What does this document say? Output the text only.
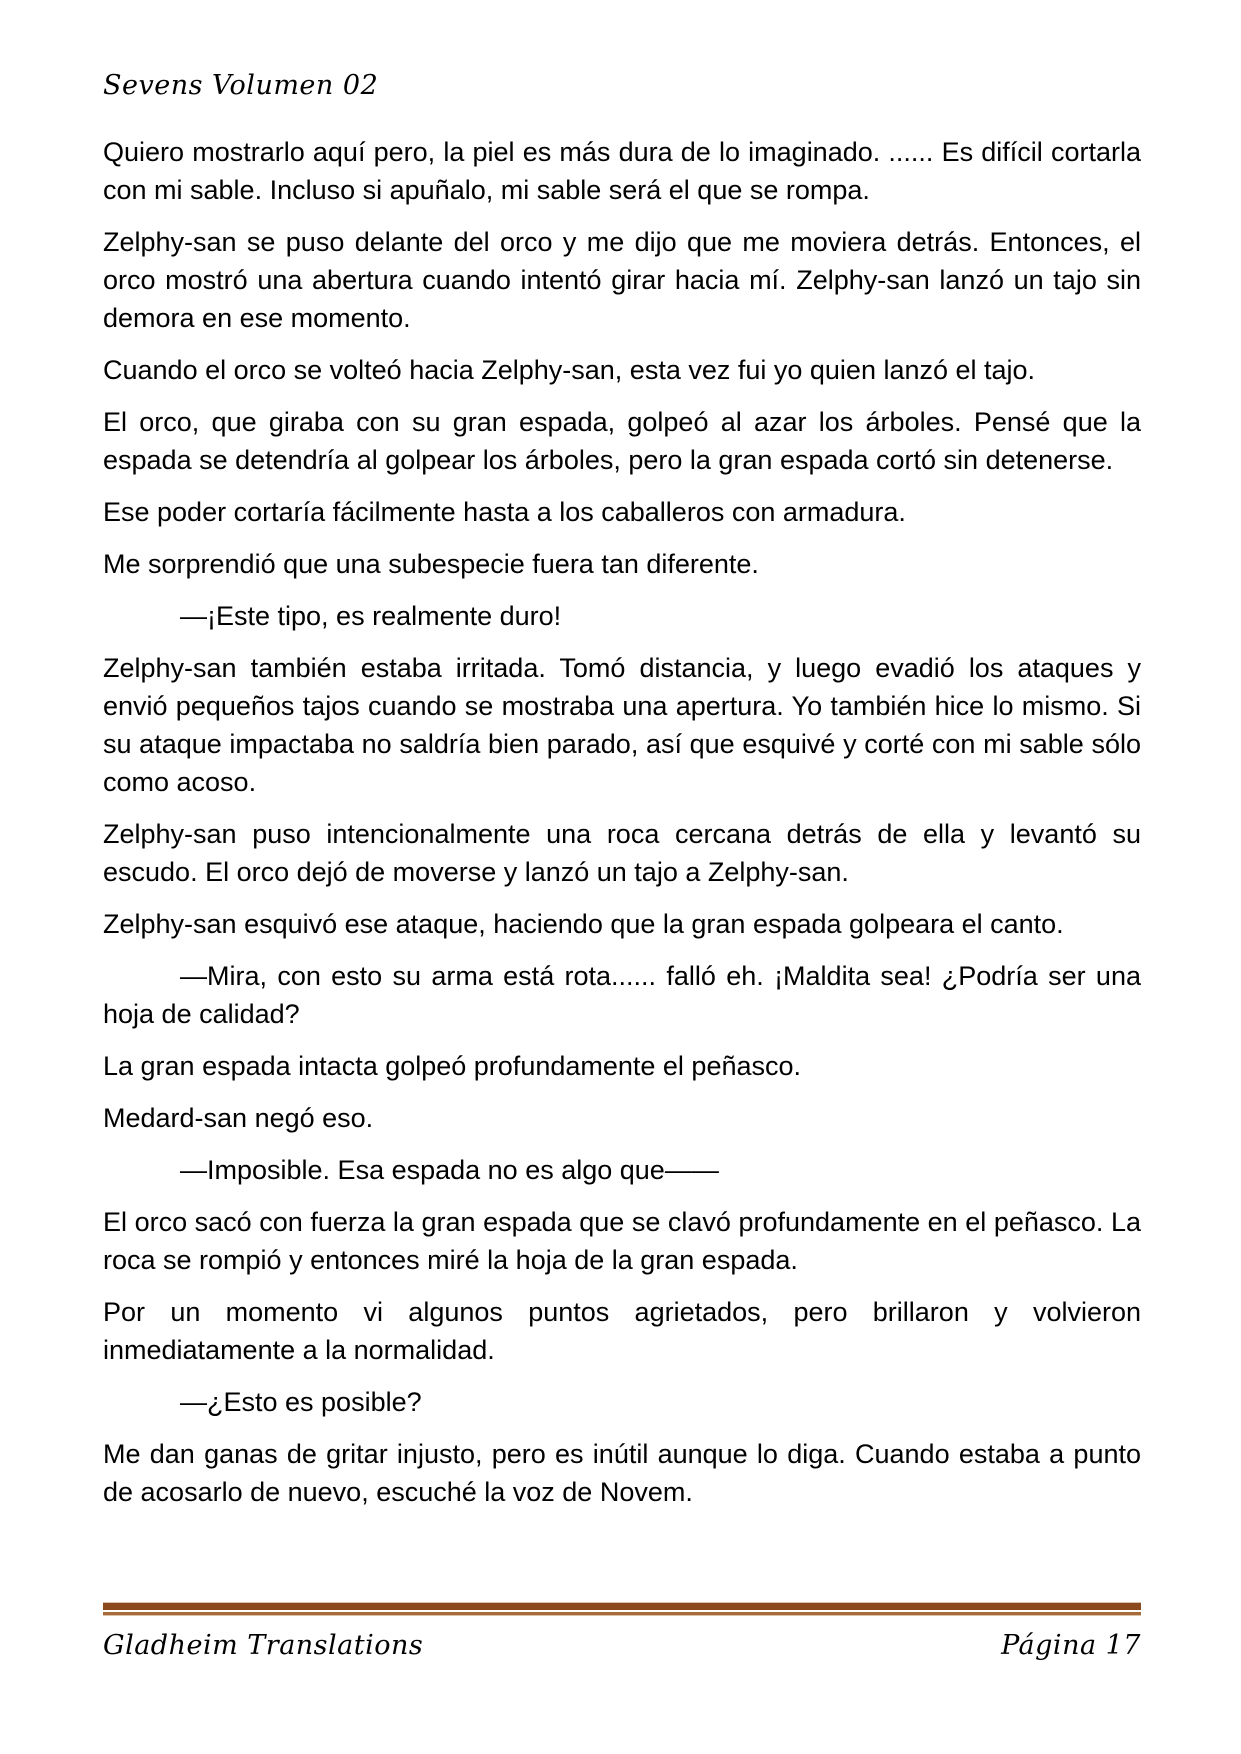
Sevens Volumen 02

Quiero mostrarlo aquí pero, la piel es más dura de lo imaginado. ...... Es difícil cortarla con mi sable. Incluso si apuñalo, mi sable será el que se rompa.

Zelphy-san se puso delante del orco y me dijo que me moviera detrás. Entonces, el orco mostró una abertura cuando intentó girar hacia mí. Zelphy-san lanzó un tajo sin demora en ese momento.

Cuando el orco se volteó hacia Zelphy-san, esta vez fui yo quien lanzó el tajo.

El orco, que giraba con su gran espada, golpeó al azar los árboles. Pensé que la espada se detendría al golpear los árboles, pero la gran espada cortó sin detenerse.

Ese poder cortaría fácilmente hasta a los caballeros con armadura.

Me sorprendió que una subespecie fuera tan diferente.

—¡Este tipo, es realmente duro!

Zelphy-san también estaba irritada. Tomó distancia, y luego evadió los ataques y envió pequeños tajos cuando se mostraba una apertura. Yo también hice lo mismo. Si su ataque impactaba no saldría bien parado, así que esquivé y corté con mi sable sólo como acoso.

Zelphy-san puso intencionalmente una roca cercana detrás de ella y levantó su escudo. El orco dejó de moverse y lanzó un tajo a Zelphy-san.

Zelphy-san esquivó ese ataque, haciendo que la gran espada golpeara el canto.

—Mira, con esto su arma está rota...... falló eh. ¡Maldita sea! ¿Podría ser una hoja de calidad?

La gran espada intacta golpeó profundamente el peñasco.

Medard-san negó eso.

—Imposible. Esa espada no es algo que——

El orco sacó con fuerza la gran espada que se clavó profundamente en el peñasco. La roca se rompió y entonces miré la hoja de la gran espada.

Por un momento vi algunos puntos agrietados, pero brillaron y volvieron inmediatamente a la normalidad.

—¿Esto es posible?

Me dan ganas de gritar injusto, pero es inútil aunque lo diga. Cuando estaba a punto de acosarlo de nuevo, escuché la voz de Novem.

Gladheim Translations	Página 17
